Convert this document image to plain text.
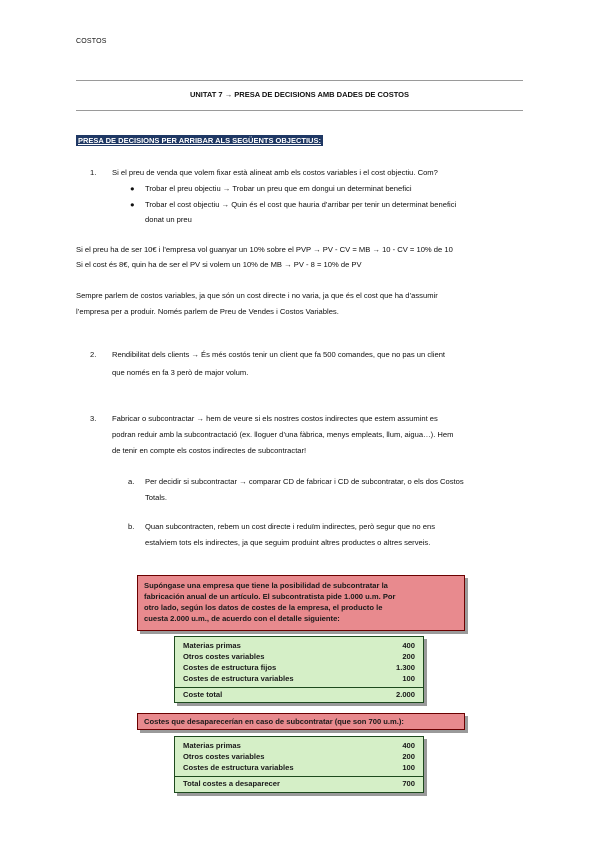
COSTOS
UNITAT 7 → PRESA DE DECISIONS AMB DADES DE COSTOS
PRESA DE DECISIONS PER ARRIBAR ALS SEGÜENTS OBJECTIUS:
1. Si el preu de venda que volem fixar està alineat amb els costos variables i el cost objectiu. Com?
● Trobar el preu objectiu → Trobar un preu que em dongui un determinat benefici
● Trobar el cost objectiu → Quin és el cost que hauria d’arribar per tenir un determinat benefici
donat un preu
Si el preu ha de ser 10€ i l’empresa vol guanyar un 10% sobre el PVP → PV - CV = MB → 10 - CV = 10% de 10
Si el cost és 8€, quin ha de ser el PV si volem un 10% de MB → PV - 8 = 10% de PV
Sempre parlem de costos variables, ja que són un cost directe i no varia, ja que és el cost que ha d’assumir
l’empresa per a produir. Només parlem de Preu de Vendes i Costos Variables.
2. Rendibilitat dels clients → És més costós tenir un client que fa 500 comandes, que no pas un client
que només en fa 3 però de major volum.
3. Fabricar o subcontractar → hem de veure si els nostres costos indirectes que estem assumint es
podran reduir amb la subcontractació (ex. lloguer d’una fàbrica, menys empleats, llum, aigua…). Hem
de tenir en compte els costos indirectes de subcontractar!
a. Per decidir si subcontractar → comparar CD de fabricar i CD de subcontratar, o els dos Costos
Totals.
b. Quan subcontracten, rebem un cost directe i reduïm indirectes, però segur que no ens
estalviem tots els indirectes, ja que seguim produint altres productes o altres serveis.
Supóngase una empresa que tiene la posibilidad de subcontratar la
fabricación anual de un artículo. El subcontratista pide 1.000 u.m. Por
otro lado, según los datos de costes de la empresa, el producto le
cuesta 2.000 u.m., de acuerdo con el detalle siguiente:
Materias primas	400
Otros costes variables	200
Costes de estructura fijos	1.300
Costes de estructura variables	100
Coste total	2.000
Costes que desaparecerían en caso de subcontratar (que son 700 u.m.):
Materias primas	400
Otros costes variables	200
Costes de estructura variables	100
Total costes a desaparecer	700
